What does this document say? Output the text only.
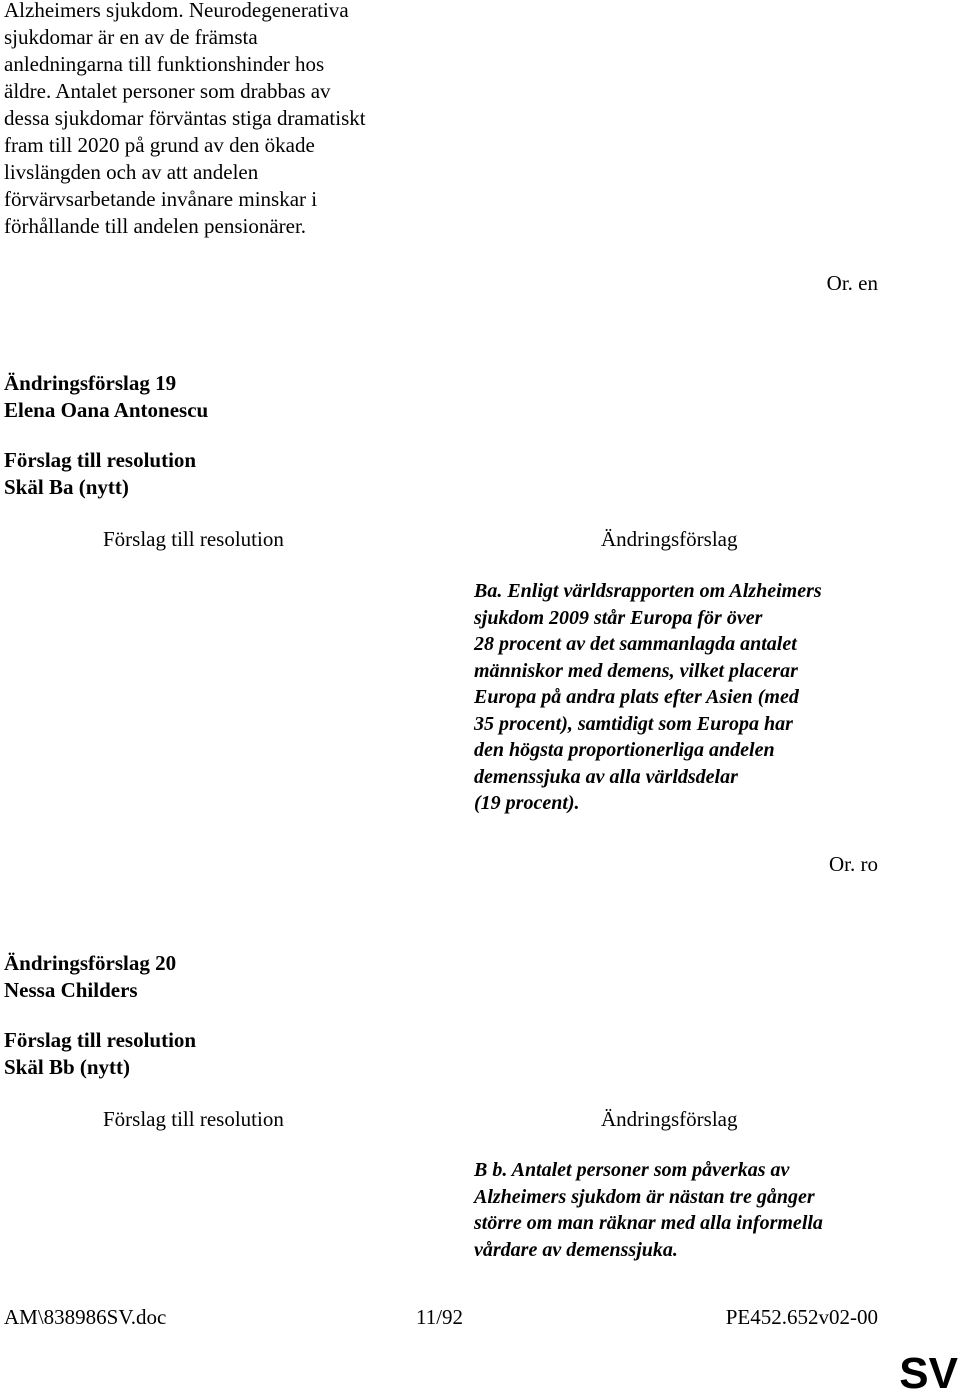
Alzheimers sjukdom. Neurodegenerativa
sjukdomar är en av de främsta
anledningarna till funktionshinder hos
äldre. Antalet personer som drabbas av
dessa sjukdomar förväntas stiga dramatiskt
fram till 2020 på grund av den ökade
livslängden och av att andelen
förvärvsarbetande invånare minskar i
förhållande till andelen pensionärer.
Or. en
Ändringsförslag 19
Elena Oana Antonescu
Förslag till resolution
Skäl Ba (nytt)
Förslag till resolution	Ändringsförslag
Ba. Enligt världsrapporten om Alzheimers
sjukdom 2009 står Europa för över
28 procent av det sammanlagda antalet
människor med demens, vilket placerar
Europa på andra plats efter Asien (med
35 procent), samtidigt som Europa har
den högsta proportionerliga andelen
demenssjuka av alla världsdelar
(19 procent).
Or. ro
Ändringsförslag 20
Nessa Childers
Förslag till resolution
Skäl Bb (nytt)
Förslag till resolution	Ändringsförslag
B b. Antalet personer som påverkas av
Alzheimers sjukdom är nästan tre gånger
större om man räknar med alla informella
vårdare av demenssjuka.
AM\838986SV.doc	11/92	PE452.652v02-00
SV
